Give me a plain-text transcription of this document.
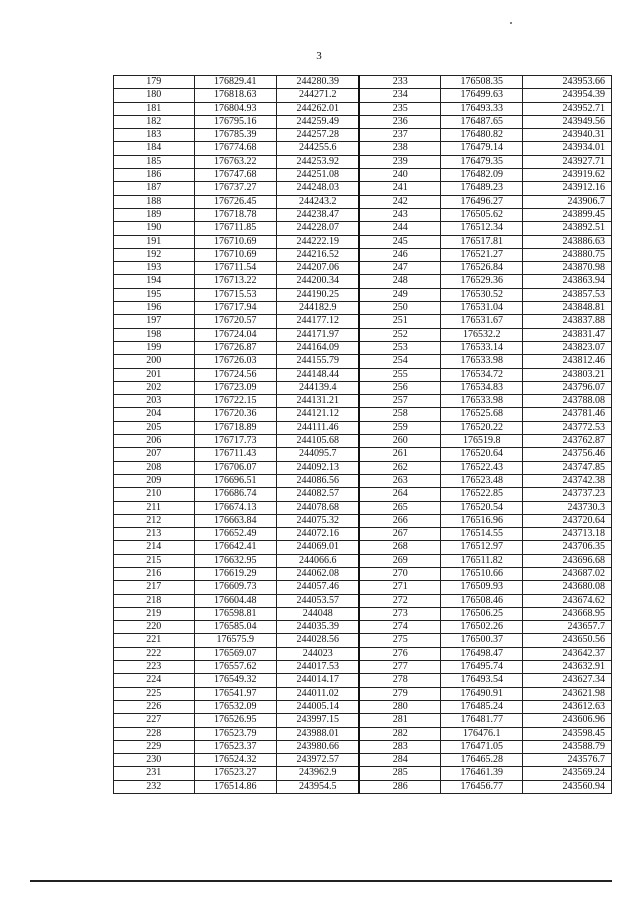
3
179	176829.41	244280.39	233	176508.35	243953.66
180	176818.63	244271.2	234	176499.63	243954.39
181	176804.93	244262.01	235	176493.33	243952.71
182	176795.16	244259.49	236	176487.65	243949.56
183	176785.39	244257.28	237	176480.82	243940.31
184	176774.68	244255.6	238	176479.14	243934.01
185	176763.22	244253.92	239	176479.35	243927.71
186	176747.68	244251.08	240	176482.09	243919.62
187	176737.27	244248.03	241	176489.23	243912.16
188	176726.45	244243.2	242	176496.27	243906.7
189	176718.78	244238.47	243	176505.62	243899.45
190	176711.85	244228.07	244	176512.34	243892.51
191	176710.69	244222.19	245	176517.81	243886.63
192	176710.69	244216.52	246	176521.27	243880.75
193	176711.54	244207.06	247	176526.84	243870.98
194	176713.22	244200.34	248	176529.36	243863.94
195	176715.53	244190.25	249	176530.52	243857.53
196	176717.94	244182.9	250	176531.04	243848.81
197	176720.57	244177.12	251	176531.67	243837.88
198	176724.04	244171.97	252	176532.2	243831.47
199	176726.87	244164.09	253	176533.14	243823.07
200	176726.03	244155.79	254	176533.98	243812.46
201	176724.56	244148.44	255	176534.72	243803.21
202	176723.09	244139.4	256	176534.83	243796.07
203	176722.15	244131.21	257	176533.98	243788.08
204	176720.36	244121.12	258	176525.68	243781.46
205	176718.89	244111.46	259	176520.22	243772.53
206	176717.73	244105.68	260	176519.8	243762.87
207	176711.43	244095.7	261	176520.64	243756.46
208	176706.07	244092.13	262	176522.43	243747.85
209	176696.51	244086.56	263	176523.48	243742.38
210	176686.74	244082.57	264	176522.85	243737.23
211	176674.13	244078.68	265	176520.54	243730.3
212	176663.84	244075.32	266	176516.96	243720.64
213	176652.49	244072.16	267	176514.55	243713.18
214	176642.41	244069.01	268	176512.97	243706.35
215	176632.95	244066.6	269	176511.82	243696.68
216	176619.29	244062.08	270	176510.66	243687.02
217	176609.73	244057.46	271	176509.93	243680.08
218	176604.48	244053.57	272	176508.46	243674.62
219	176598.81	244048	273	176506.25	243668.95
220	176585.04	244035.39	274	176502.26	243657.7
221	176575.9	244028.56	275	176500.37	243650.56
222	176569.07	244023	276	176498.47	243642.37
223	176557.62	244017.53	277	176495.74	243632.91
224	176549.32	244014.17	278	176493.54	243627.34
225	176541.97	244011.02	279	176490.91	243621.98
226	176532.09	244005.14	280	176485.24	243612.63
227	176526.95	243997.15	281	176481.77	243606.96
228	176523.79	243988.01	282	176476.1	243598.45
229	176523.37	243980.66	283	176471.05	243588.79
230	176524.32	243972.57	284	176465.28	243576.7
231	176523.27	243962.9	285	176461.39	243569.24
232	176514.86	243954.5	286	176456.77	243560.94
